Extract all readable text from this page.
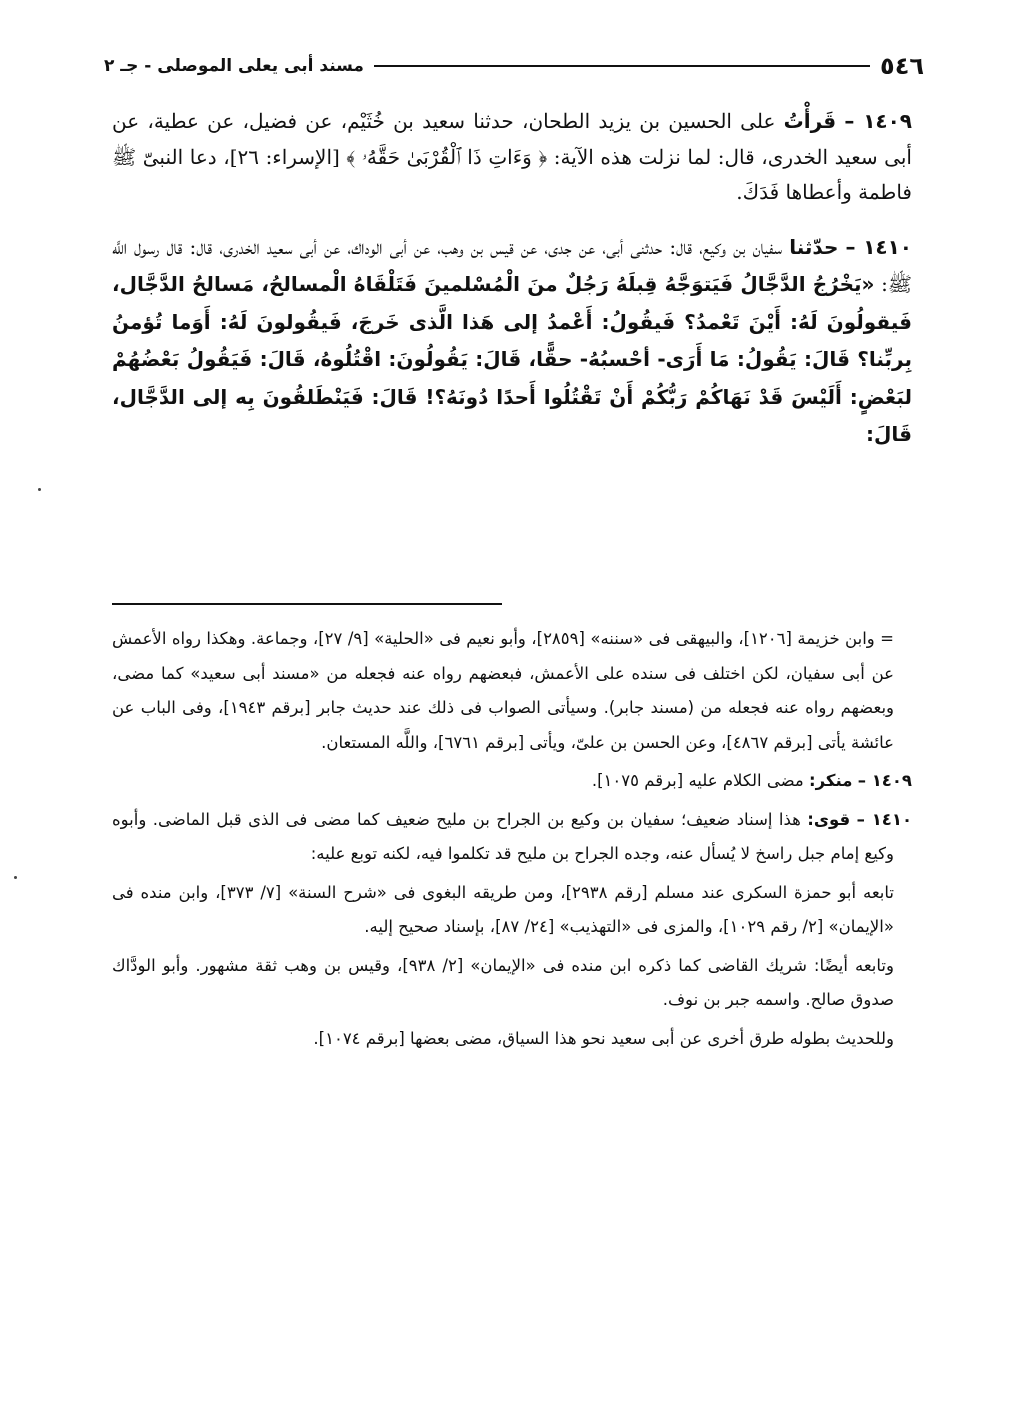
٥٤٦
مسند أبى يعلى الموصلى - جـ ٢

١٤٠٩ – قَرأْتُ على الحسين بن يزيد الطحان، حدثنا سعيد بن خُثَيْم، عن فضيل، عن عطية، عن أبى سعيد الخدرى، قال: لما نزلت هذه الآية: ﴿ وَءَاتِ ذَا ٱلْقُرْبَىٰ حَقَّهُۥ ﴾ [الإسراء: ٢٦]، دعا النبىّ ﷺ فاطمة وأعطاها فَدَكَ.

١٤١٠ – حدّثنا سفيان بن وكيع، قال: حدثنى أبى، عن جدى، عن قيس بن وهب، عن أبى الوداك، عن أبى سعيد الخدرى، قال: قال رسول اللَّه ﷺ: «يَخْرُجُ الدَّجَّالُ فَيَتوَجَّهُ قِبلَهُ رَجُلٌ منَ الْمُسْلمينَ فَتَلْقَاهُ الْمسالحُ، مَسالحُ الدَّجَّال، فَيقولُونَ لَهُ: أَيْنَ تَعْمدُ؟ فَيقُولُ: أَعْمدُ إلى هَذا الَّذى خَرجَ، فَيقُولونَ لَهُ: أَوَما تُؤمنُ بِربِّنا؟ قَالَ: يَقُولُ: مَا أَرَى- أحْسبُهُ- حقًّا، قَالَ: يَقُولُونَ: اقْتُلُوهُ، قَالَ: فَيَقُولُ بَعْضُهُمْ لبَعْضٍ: أَلَيْسَ قَدْ نَهَاكُمْ رَبُّكُمْ أَنْ تَقْتُلُوا أَحدًا دُونَهُ؟! قَالَ: فَيَنْطَلقُونَ بِه إلى الدَّجَّال، قَالَ:

= وابن خزيمة [١٢٠٦]، والبيهقى فى «سننه» [٢٨٥٩]، وأبو نعيم فى «الحلية» [٩/ ٢٧]، وجماعة. وهكذا رواه الأعمش عن أبى سفيان، لكن اختلف فى سنده على الأعمش، فبعضهم رواه عنه فجعله من «مسند أبى سعيد» كما مضى، وبعضهم رواه عنه فجعله من (مسند جابر). وسيأتى الصواب فى ذلك عند حديث جابر [برقم ١٩٤٣]، وفى الباب عن عائشة يأتى [برقم ٤٨٦٧]، وعن الحسن بن علىّ، ويأتى [برقم ٦٧٦١]، واللَّه المستعان.

١٤٠٩ – منكر: مضى الكلام عليه [برقم ١٠٧٥].

١٤١٠ – قوى: هذا إسناد ضعيف؛ سفيان بن وكيع بن الجراح بن مليح ضعيف كما مضى فى الذى قبل الماضى. وأبوه وكيع إمام جبل راسخ لا يُسأل عنه، وجده الجراح بن مليح قد تكلموا فيه، لكنه توبع عليه:

تابعه أبو حمزة السكرى عند مسلم [رقم ٢٩٣٨]، ومن طريقه البغوى فى «شرح السنة» [٧/ ٣٧٣]، وابن منده فى «الإيمان» [٢/ رقم ١٠٢٩]، والمزى فى «التهذيب» [٢٤/ ٨٧]، بإسناد صحيح إليه.

وتابعه أيضًا: شريك القاضى كما ذكره ابن منده فى «الإيمان» [٢/ ٩٣٨]، وقيس بن وهب ثقة مشهور. وأبو الودَّاك صدوق صالح. واسمه جبر بن نوف.

وللحديث بطوله طرق أخرى عن أبى سعيد نحو هذا السياق، مضى بعضها [برقم ١٠٧٤].
